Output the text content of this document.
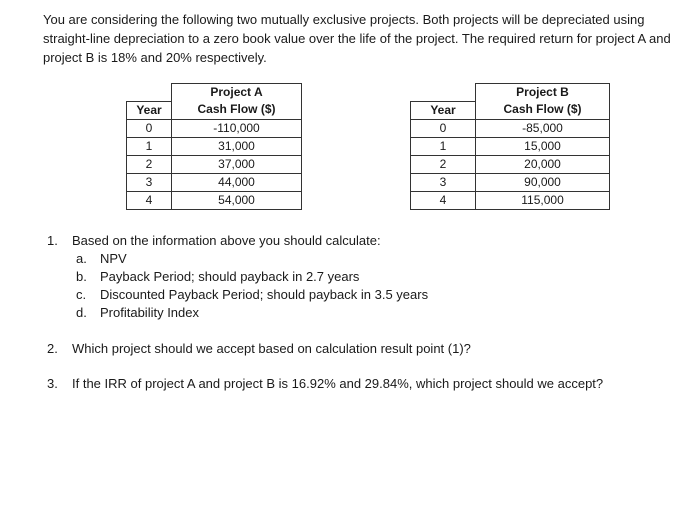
You are considering the following two mutually exclusive projects. Both projects will be depreciated using straight-line depreciation to a zero book value over the life of the project. The required return for project A and project B is 18% and 20% respectively.
	Project A
Year	Cash Flow ($)
0	-110,000
1	31,000
2	37,000
3	44,000
4	54,000
	Project B
Year	Cash Flow ($)
0	-85,000
1	15,000
2	20,000
3	90,000
4	115,000
1. Based on the information above you should calculate:
a. NPV
b. Payback Period; should payback in 2.7 years
c. Discounted Payback Period; should payback in 3.5 years
d. Profitability Index
2. Which project should we accept based on calculation result point (1)?
3. If the IRR of project A and project B is 16.92% and 29.84%, which project should we accept?
